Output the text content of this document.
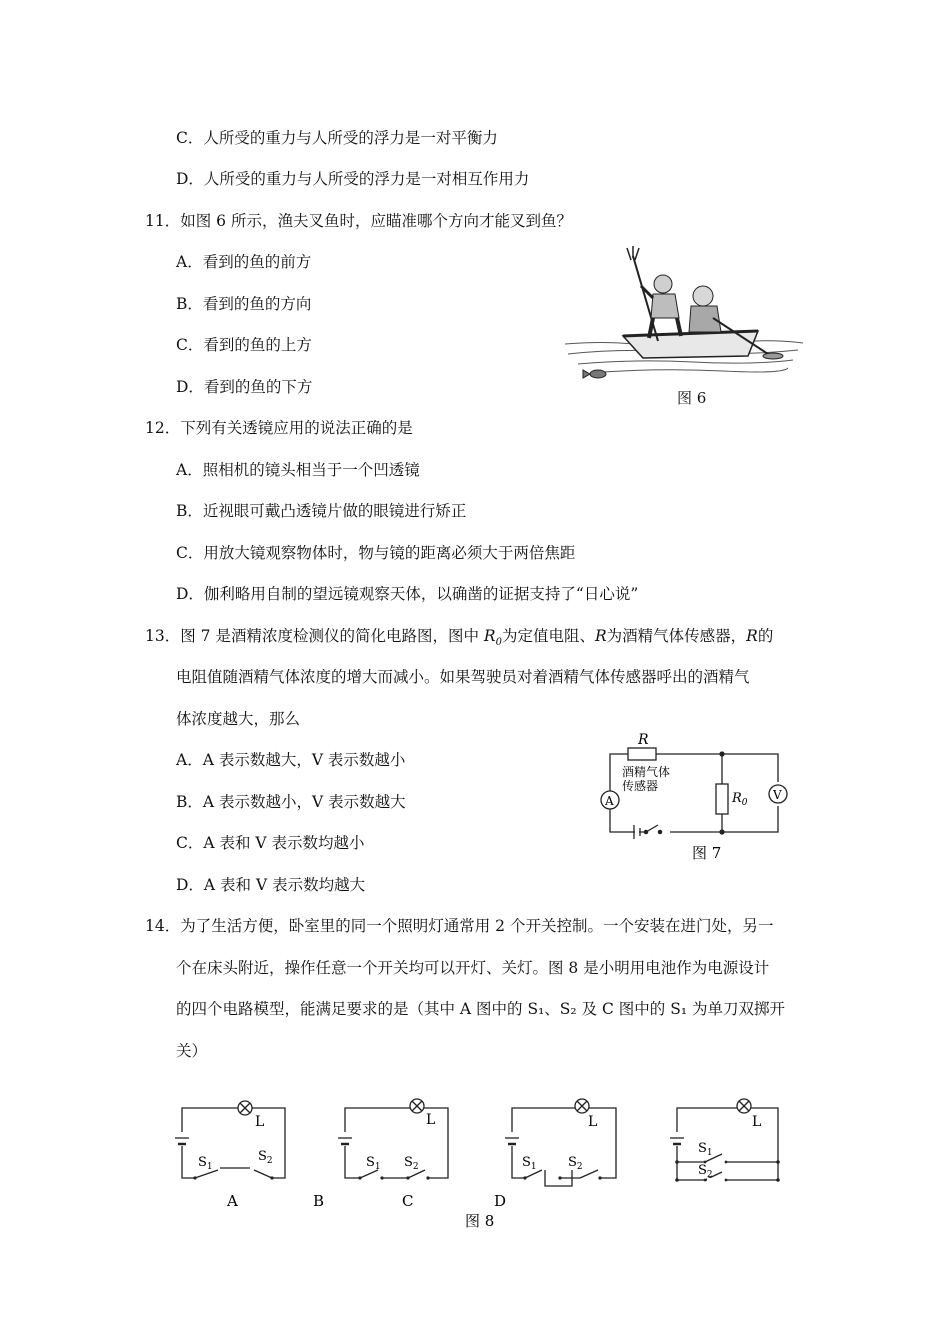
C．人所受的重力与人所受的浮力是一对平衡力
D．人所受的重力与人所受的浮力是一对相互作用力
11．如图 6 所示，渔夫叉鱼时，应瞄准哪个方向才能叉到鱼？
A．看到的鱼的前方
B．看到的鱼的方向
C．看到的鱼的上方
D．看到的鱼的下方
图 6
12．下列有关透镜应用的说法正确的是
A．照相机的镜头相当于一个凹透镜
B．近视眼可戴凸透镜片做的眼镜进行矫正
C．用放大镜观察物体时，物与镜的距离必须大于两倍焦距
D．伽利略用自制的望远镜观察天体，以确凿的证据支持了“日心说”
13．图 7 是酒精浓度检测仪的简化电路图，图中 $R_0$为定值电阻、R为酒精气体传感器，R的
电阻值随酒精气体浓度的增大而减小。如果驾驶员对着酒精气体传感器呼出的酒精气
体浓度越大，那么
A．A 表示数越大，V 表示数越小
B．A 表示数越小，V 表示数越大
C．A 表和 V 表示数均越小
D．A 表和 V 表示数均越大
R
酒精气体
传感器
$R_0$
A	V
图 7
14．为了生活方便，卧室里的同一个照明灯通常用 2 个开关控制。一个安装在进门处，另一
个在床头附近，操作任意一个开关均可以开灯、关灯。图 8 是小明用电池作为电源设计
的四个电路模型，能满足要求的是（其中 A 图中的 S₁、S₂ 及 C 图中的 S₁ 为单刀双掷开
关）
L
$S_1$
$S_2$
A
L
$S_1$ $S_2$
B
L
$S_1$ $S_2$
C
L
$S_1$
$S_2$
D
图 8
